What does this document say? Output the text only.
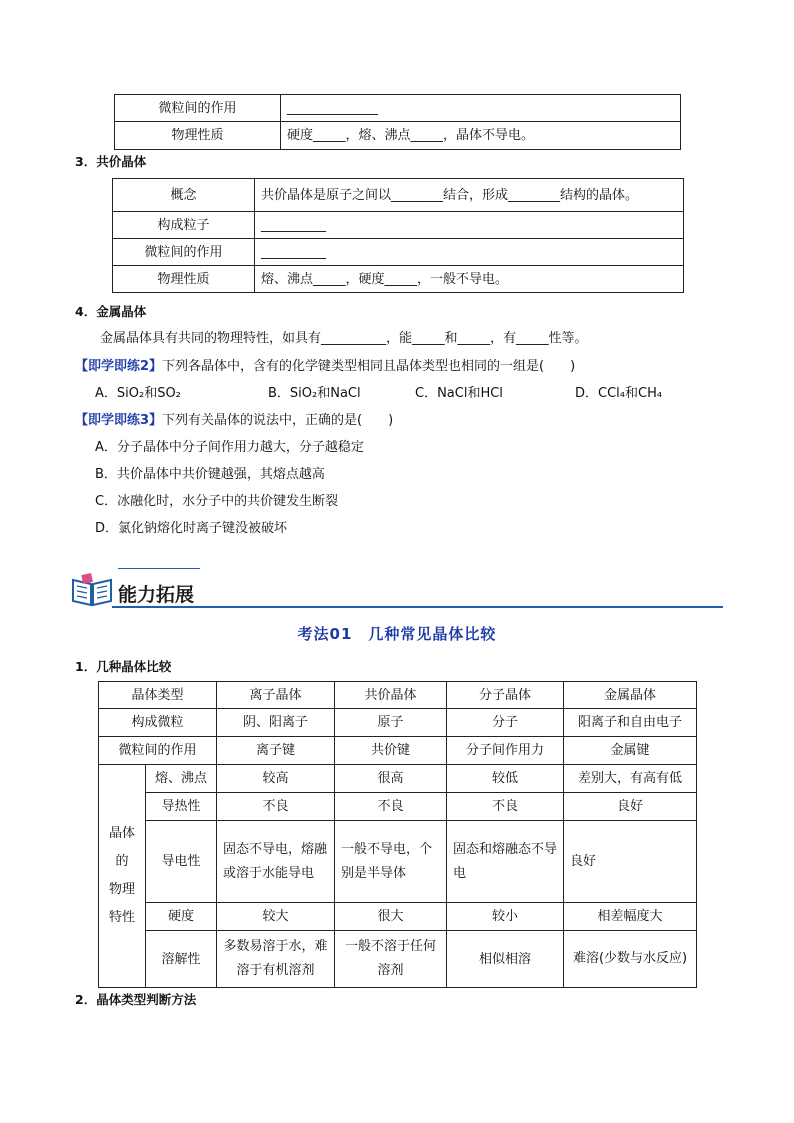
微粒间的作用	______________
物理性质	硬度_____，熔、沸点_____，晶体不导电。
3．共价晶体
概念	共价晶体是原子之间以________结合，形成________结构的晶体。
构成粒子	__________
微粒间的作用	__________
物理性质	熔、沸点_____，硬度_____，一般不导电。
4．金属晶体
金属晶体具有共同的物理特性，如具有__________，能_____和_____，有_____性等。
【即学即练2】下列各晶体中，含有的化学键类型相同且晶体类型也相同的一组是(　　)
A．SiO₂和SO₂	B．SiO₂和NaCl	C．NaCl和HCl	D．CCl₄和CH₄
【即学即练3】下列有关晶体的说法中，正确的是(　　)
A．分子晶体中分子间作用力越大，分子越稳定
B．共价晶体中共价键越强，其熔点越高
C．冰融化时，水分子中的共价键发生断裂
D．氯化钠熔化时离子键没被破坏
能力拓展
考法01　几种常见晶体比较
1．几种晶体比较
晶体类型		离子晶体	共价晶体	分子晶体	金属晶体
构成微粒		阴、阳离子	原子	分子	阳离子和自由电子
微粒间的作用		离子键	共价键	分子间作用力	金属键

晶体
的
物理
特性	熔、沸点	较高	很高	较低	差别大，有高有低
	导热性	不良	不良	不良	良好
	导电性	固态不导电，熔融或溶于水能导电	一般不导电，个别是半导体	固态和熔融态不导电	良好
	硬度	较大	很大	较小	相差幅度大
	溶解性	多数易溶于水，难溶于有机溶剂	一般不溶于任何溶剂	相似相溶	难溶(少数与水反应)
2．晶体类型判断方法
